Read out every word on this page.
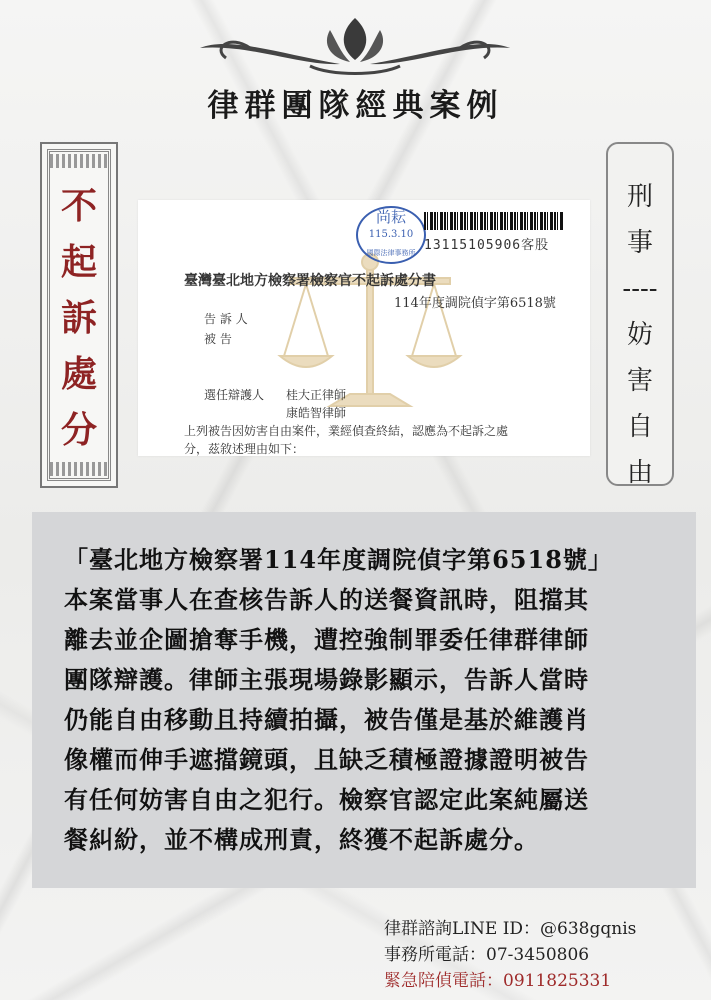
律群團隊經典案例
不
起
訴
處
分
刑
事
----
妨
害
自
由
尚耘
115.3.10
國際法律事務所 13115105906客股
臺灣臺北地方檢察署檢察官不起訴處分書
114年度調院偵字第6518號
告 訴 人
被 告
選任辯護人 桂大正律師
康皓智律師
上列被告因妨害自由案件，業經偵查終結，認應為不起訴之處
分，茲敘述理由如下：

「臺北地方檢察署114年度調院偵字第6518號」

本案當事人在查核告訴人的送餐資訊時，阻擋其

離去並企圖搶奪手機，遭控強制罪委任律群律師

團隊辯護。律師主張現場錄影顯示，告訴人當時

仍能自由移動且持續拍攝，被告僅是基於維護肖

像權而伸手遮擋鏡頭，且缺乏積極證據證明被告

有任何妨害自由之犯行。檢察官認定此案純屬送

餐糾紛，並不構成刑責，終獲不起訴處分。

律群諮詢LINE ID：@638gqnis
事務所電話：07-3450806
緊急陪偵電話：0911825331
